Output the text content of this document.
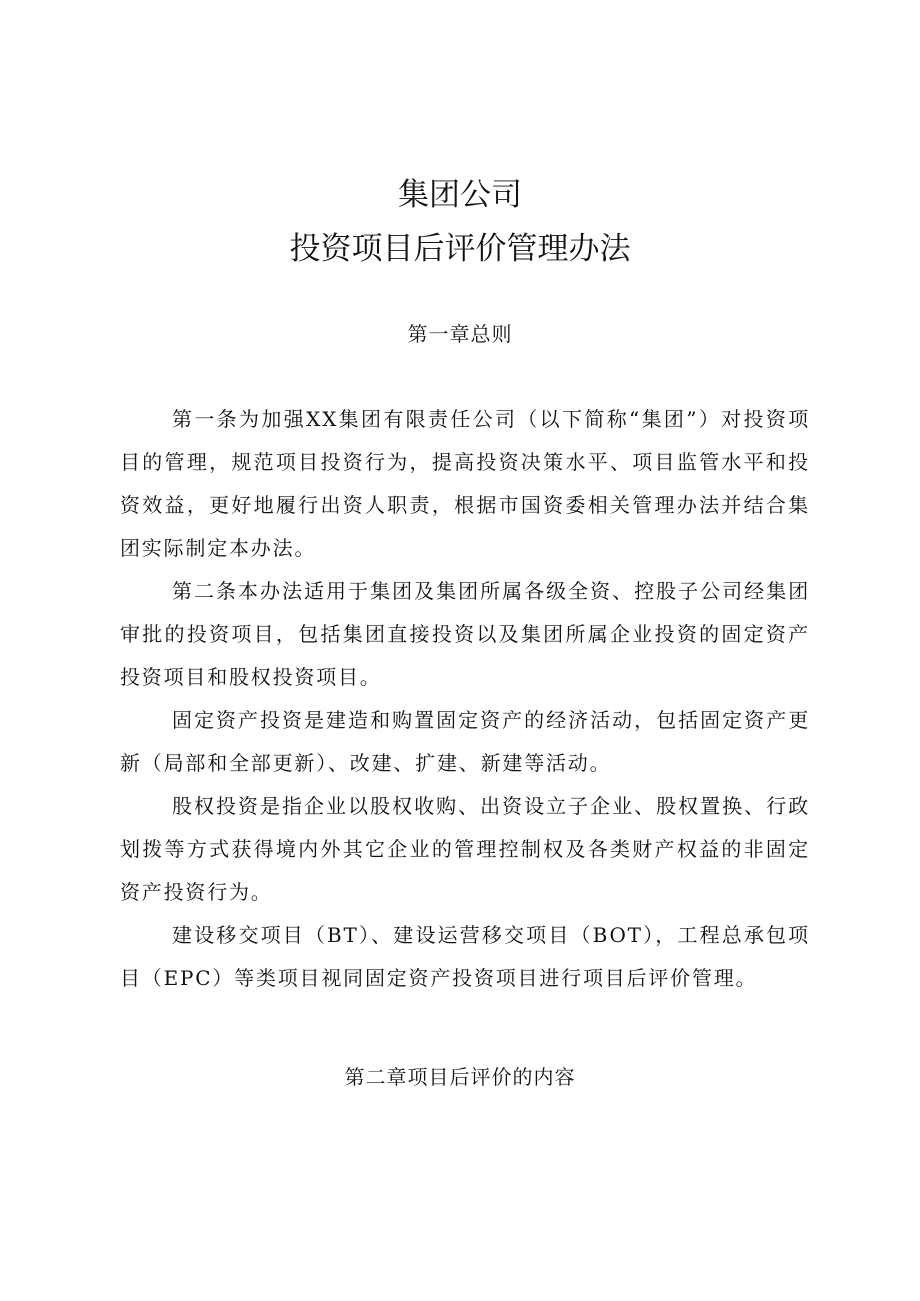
集团公司
投资项目后评价管理办法
第一章总则

第一条为加强XX集团有限责任公司（以下简称“集团”）对投资项目的管理，规范项目投资行为，提高投资决策水平、项目监管水平和投资效益，更好地履行出资人职责，根据市国资委相关管理办法并结合集团实际制定本办法。

第二条本办法适用于集团及集团所属各级全资、控股子公司经集团审批的投资项目，包括集团直接投资以及集团所属企业投资的固定资产投资项目和股权投资项目。

固定资产投资是建造和购置固定资产的经济活动，包括固定资产更新（局部和全部更新）、改建、扩建、新建等活动。

股权投资是指企业以股权收购、出资设立子企业、股权置换、行政划拨等方式获得境内外其它企业的管理控制权及各类财产权益的非固定资产投资行为。

建设移交项目（BT）、建设运营移交项目（BOT），工程总承包项目（EPC）等类项目视同固定资产投资项目进行项目后评价管理。

第二章项目后评价的内容
